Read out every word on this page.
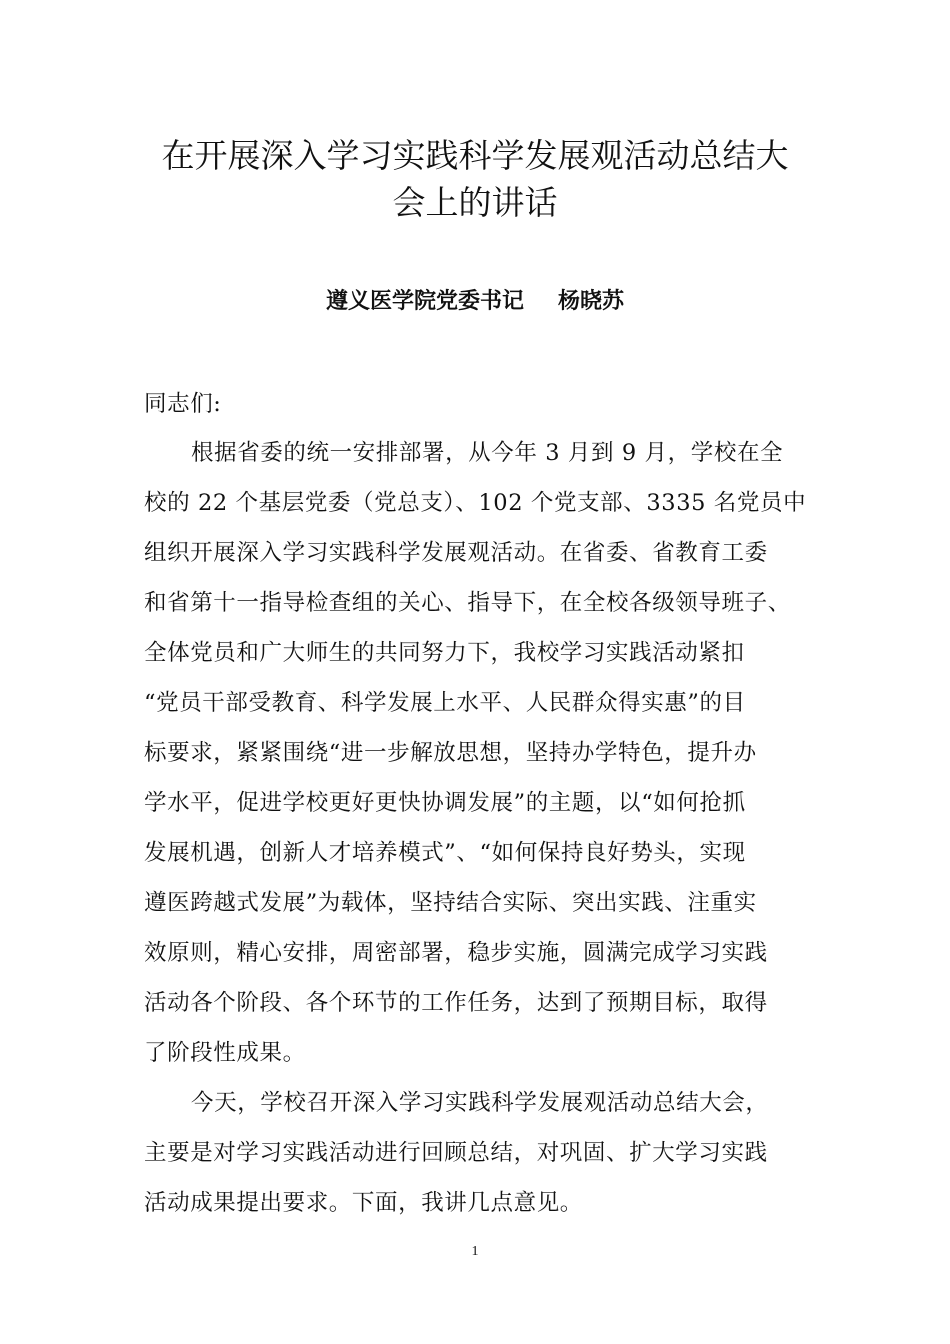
在开展深入学习实践科学发展观活动总结大
会上的讲话
遵义医学院党委书记 杨晓苏
同志们:
根据省委的统一安排部署，从今年 3 月到 9 月，学校在全
校的 22 个基层党委（党总支）、102 个党支部、3335 名党员中
组织开展深入学习实践科学发展观活动。在省委、省教育工委
和省第十一指导检查组的关心、指导下，在全校各级领导班子、
全体党员和广大师生的共同努力下，我校学习实践活动紧扣
“党员干部受教育、科学发展上水平、人民群众得实惠”的目
标要求，紧紧围绕“进一步解放思想，坚持办学特色，提升办
学水平，促进学校更好更快协调发展”的主题，以“如何抢抓
发展机遇，创新人才培养模式”、“如何保持良好势头，实现
遵医跨越式发展”为载体，坚持结合实际、突出实践、注重实
效原则，精心安排，周密部署，稳步实施，圆满完成学习实践
活动各个阶段、各个环节的工作任务，达到了预期目标，取得
了阶段性成果。
今天，学校召开深入学习实践科学发展观活动总结大会，
主要是对学习实践活动进行回顾总结，对巩固、扩大学习实践
活动成果提出要求。下面，我讲几点意见。
1
